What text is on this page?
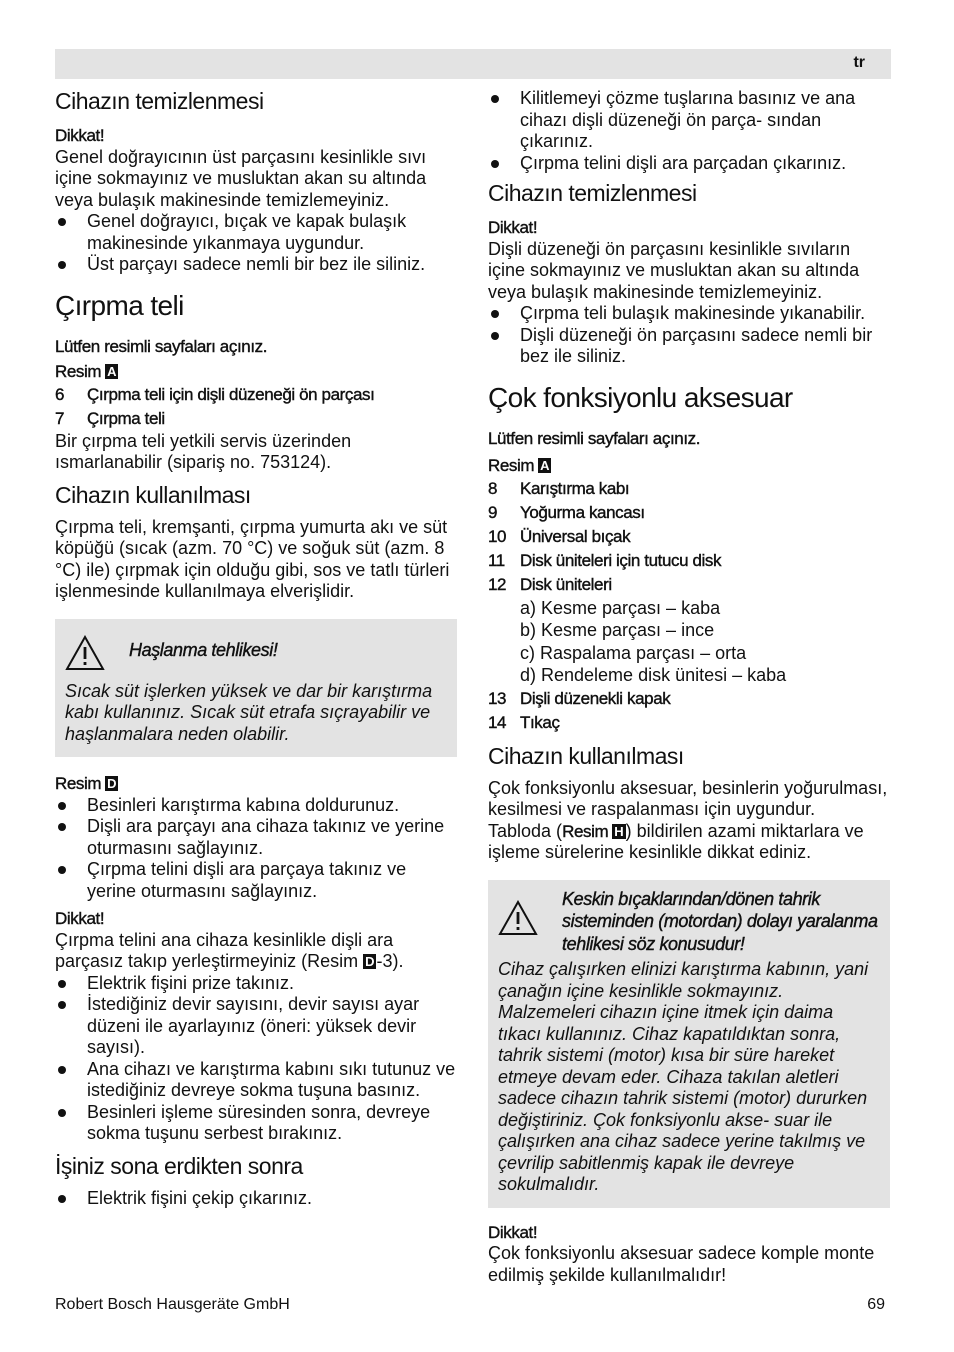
tr
Cihazın temizlenmesi

Dikkat!

Genel doğrayıcının üst parçasını kesinlikle sıvı içine sokmayınız ve musluktan akan su altında veya bulaşık makinesinde temizlemeyiniz.

Genel doğrayıcı, bıçak ve kapak bulaşık makinesinde yıkanmaya uygundur.
Üst parçayı sadece nemli bir bez ile siliniz.
Çırpma teli

Lütfen resimli sayfaları açınız.

Resim A

6	Çırpma teli için dişli düzeneği ön parçası
7	Çırpma teli

Bir çırpma teli yetkili servis üzerinden ısmarlanabilir (sipariş no. 753124).

Cihazın kullanılması

Çırpma teli, kremşanti, çırpma yumurta akı ve süt köpüğü (sıcak (azm. 70 °C) ve soğuk süt (azm. 8 °C) ile) çırpmak için olduğu gibi, sos ve tatlı türleri işlenmesinde kullanılmaya elverişlidir.

Haşlanma tehlikesi!

Sıcak süt işlerken yüksek ve dar bir karıştırma kabı kullanınız. Sıcak süt etrafa sıçrayabilir ve haşlanmalara neden olabilir.

Resim D

Besinleri karıştırma kabına doldurunuz.
Dişli ara parçayı ana cihaza takınız ve yerine oturmasını sağlayınız.
Çırpma telini dişli ara parçaya takınız ve yerine oturmasını sağlayınız.

Dikkat!

Çırpma telini ana cihaza kesinlikle dişli ara parçasız takıp yerleştirmeyiniz (Resim D -3).

Elektrik fişini prize takınız.
İstediğiniz devir sayısını, devir sayısı ayar düzeni ile ayarlayınız (öneri: yüksek devir sayısı).
Ana cihazı ve karıştırma kabını sıkı tutunuz ve istediğiniz devreye sokma tuşuna basınız.
Besinleri işleme süresinden sonra, devreye sokma tuşunu serbest bırakınız.
İşiniz sona erdikten sonra
Elektrik fişini çekip çıkarınız.
Kilitlemeyi çözme tuşlarına basınız ve ana cihazı dişli düzeneği ön parça- sından çıkarınız.
Çırpma telini dişli ara parçadan çıkarınız.
Cihazın temizlenmesi

Dikkat!

Dişli düzeneği ön parçasını kesinlikle sıvıların içine sokmayınız ve musluktan akan su altında veya bulaşık makinesinde temizlemeyiniz.

Çırpma teli bulaşık makinesinde yıkanabilir.
Dişli düzeneği ön parçasını sadece nemli bir bez ile siliniz.
Çok fonksiyonlu aksesuar

Lütfen resimli sayfaları açınız.

Resim A

8	Karıştırma kabı
9	Yoğurma kancası
10 Üniversal bıçak
11 Disk üniteleri için tutucu disk
12 Disk üniteleri
a) Kesme parçası – kaba
b) Kesme parçası – ince
c) Raspalama parçası – orta
d) Rendeleme disk ünitesi – kaba
13 Dişli düzenekli kapak
14 Tıkaç
Cihazın kullanılması

Çok fonksiyonlu aksesuar, besinlerin yoğurulması, kesilmesi ve raspalanması için uygundur.

Tabloda (Resim H ) bildirilen azami miktarlara ve işleme sürelerine kesinlikle dikkat ediniz.

Keskin bıçaklarından/dönen tahrik sisteminden (motordan) dolayı yaralanma tehlikesi söz konusudur!

Cihaz çalışırken elinizi karıştırma kabının, yani çanağın içine kesinlikle sokmayınız. Malzemeleri cihazın içine itmek için daima tıkacı kullanınız. Cihaz kapatıldıktan sonra, tahrik sistemi (motor) kısa bir süre hareket etmeye devam eder. Cihaza takılan aletleri sadece cihazın tahrik sistemi (motor) dururken değiştiriniz. Çok fonksiyonlu akse- suar ile çalışırken ana cihaz sadece yerine takılmış ve çevrilip sabitlenmiş kapak ile devreye sokulmalıdır.

Dikkat!

Çok fonksiyonlu aksesuar sadece komple monte edilmiş şekilde kullanılmalıdır!

Robert Bosch Hausgeräte GmbH	69
